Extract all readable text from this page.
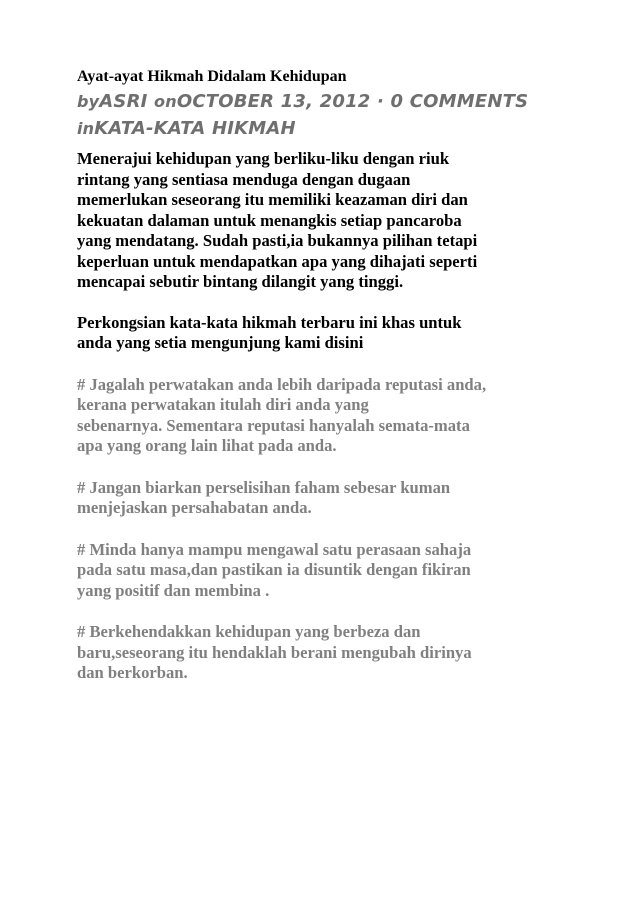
Ayat-ayat Hikmah Didalam Kehidupan
byASRI onOCTOBER 13, 2012 · 0 COMMENTS
inKATA-KATA HIKMAH

Menerajui kehidupan yang berliku-liku dengan riuk
rintang yang sentiasa menduga dengan dugaan
memerlukan seseorang itu memiliki keazaman diri dan
kekuatan dalaman untuk menangkis setiap pancaroba
yang mendatang. Sudah pasti,ia bukannya pilihan tetapi
keperluan untuk mendapatkan apa yang dihajati seperti
mencapai sebutir bintang dilangit yang tinggi.

Perkongsian kata-kata hikmah terbaru ini khas untuk
anda yang setia mengunjung kami disini

# Jagalah perwatakan anda lebih daripada reputasi anda,
kerana perwatakan itulah diri anda yang
sebenarnya. Sementara reputasi hanyalah semata-mata
apa yang orang lain lihat pada anda.

# Jangan biarkan perselisihan faham sebesar kuman
menjejaskan persahabatan anda.

# Minda hanya mampu mengawal satu perasaan sahaja
pada satu masa,dan pastikan ia disuntik dengan fikiran
yang positif dan membina .

# Berkehendakkan kehidupan yang berbeza dan
baru,seseorang itu hendaklah berani mengubah dirinya
dan berkorban.
